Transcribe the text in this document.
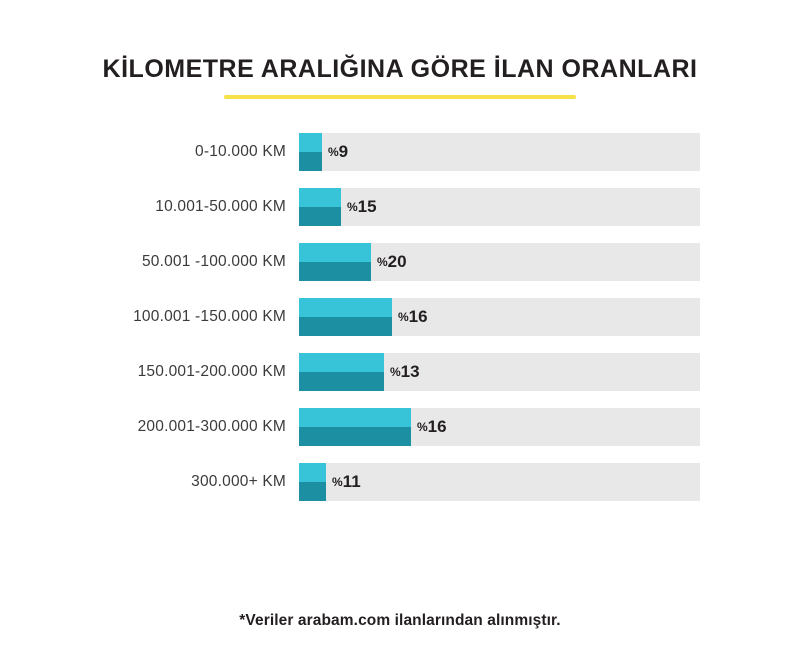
KİLOMETRE ARALIĞINA GÖRE İLAN ORANLARI
0-10.000 KM	%9
10.001-50.000 KM	%15
50.001 -100.000 KM	%20
100.001 -150.000 KM	%16
150.001-200.000 KM	%13
200.001-300.000 KM	%16
300.000+ KM	%11
*Veriler arabam.com ilanlarından alınmıştır.
